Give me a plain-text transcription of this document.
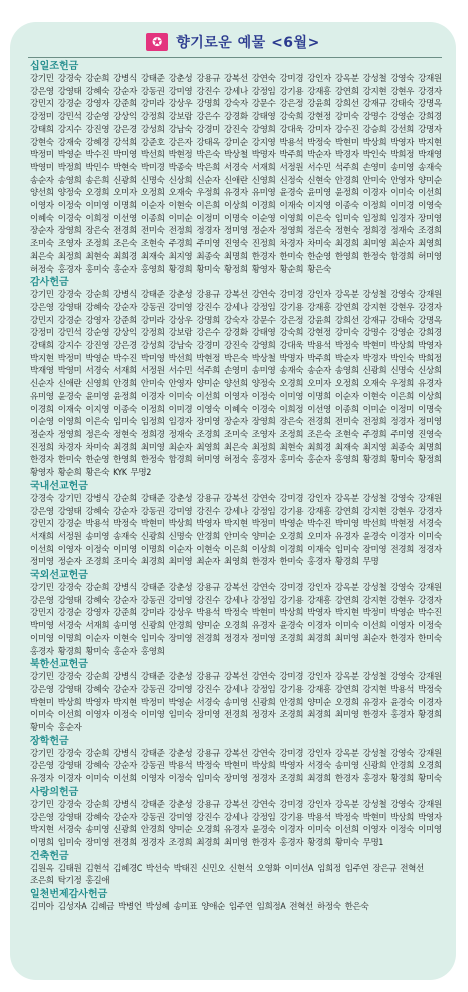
✪ 향기로운 예물 <6월>
십일조헌금
강기민 강경숙 강순희 강병식 강태준 강춘성 강용규 강복선 강연숙 강미경 강인자 강옥분 강성철 강영숙 강재원강은영 강영태 강혜숙 강순자 강동권 강미영 강진수 강세나 강정임 강기용 강재흥 강연희 강지현 강현우 강경자강민지 강경순 강영자 강준희 강미라 강상우 강명희 강숙자 강문수 강은정 강윤희 강희선 강재규 강태숙 강명옥강정미 강민석 강순영 강상익 강정희 강보람 강은수 강경화 강태영 강숙희 강현정 강미숙 강명수 강영순 강희경강태희 강지수 강진영 강은경 강성희 강남숙 강경미 강진숙 강영희 강대욱 강미자 강수진 강승희 강선희 강명자강현숙 강재숙 강혜경 강석희 강준호 강은자 강태옥 강미순 강지영 박용석 박정숙 박현미 박상희 박영자 박지현박정미 박영순 박수진 박미영 박선희 박현정 박은숙 박상철 박명자 박주희 박순자 박경자 박인숙 박희정 박재영박영미 박정희 박민수 박현숙 박미경 박종숙 박은희 서경숙 서재희 서정원 서수민 석주희 손영미 송미영 송재숙송순자 송영희 송은희 신광희 신명숙 신상희 신순자 신애란 신영희 신정숙 신현숙 안경희 안미숙 안영자 양미순양선희 양정숙 오경희 오미자 오정희 오재숙 우정희 유경자 유미영 윤경숙 윤미영 윤정희 이경자 이미숙 이선희이영자 이정숙 이미영 이명희 이순자 이현숙 이은희 이상희 이경희 이재숙 이지영 이종숙 이정희 이미경 이영숙이혜숙 이경숙 이희정 이선영 이종희 이미순 이정미 이명숙 이순영 이영희 이은숙 임미숙 임정희 임경자 장미영장순자 장영희 장은숙 전경희 전미숙 전정희 정경자 정미영 정순자 정영희 정은숙 정현숙 정희경 정재숙 조경희조미숙 조영자 조정희 조은숙 조현숙 주경희 주미영 진영숙 진정희 차경자 차미숙 최경희 최미영 최순자 최영희최은숙 최정희 최현숙 최희경 최재숙 최지영 최종숙 최명희 한경자 한미숙 한순영 한영희 한정숙 함경희 허미영허정숙 홍경자 홍미숙 홍순자 홍영희 황경희 황미숙 황정희 황영자 황순희 황은숙
감사헌금
강기민 강경숙 강순희 강병식 강태준 강춘성 강용규 강복선 강연숙 강미경 강인자 강옥분 강성철 강영숙 강재원강은영 강영태 강혜숙 강순자 강동권 강미영 강진수 강세나 강정임 강기용 강재흥 강연희 강지현 강현우 강경자강민지 강경순 강영자 강준희 강미라 강상우 강명희 강숙자 강문수 강은정 강윤희 강희선 강재규 강태숙 강명옥강정미 강민석 강순영 강상익 강정희 강보람 강은수 강경화 강태영 강숙희 강현정 강미숙 강명수 강영순 강희경강태희 강지수 강진영 강은경 강성희 강남숙 강경미 강진숙 강영희 강대욱 박용석 박정숙 박현미 박상희 박영자박지현 박정미 박영순 박수진 박미영 박선희 박현정 박은숙 박상철 박명자 박주희 박순자 박경자 박인숙 박희정박재영 박영미 서경숙 서재희 서정원 서수민 석주희 손영미 송미영 송재숙 송순자 송영희 신광희 신명숙 신상희신순자 신애란 신영희 안경희 안미숙 안영자 양미순 양선희 양정숙 오경희 오미자 오정희 오재숙 우정희 유경자유미영 윤경숙 윤미영 윤정희 이경자 이미숙 이선희 이영자 이정숙 이미영 이명희 이순자 이현숙 이은희 이상희이경희 이재숙 이지영 이종숙 이정희 이미경 이영숙 이혜숙 이경숙 이희정 이선영 이종희 이미순 이정미 이명숙이순영 이영희 이은숙 임미숙 임정희 임경자 장미영 장순자 장영희 장은숙 전경희 전미숙 전정희 정경자 정미영정순자 정영희 정은숙 정현숙 정희경 정재숙 조경희 조미숙 조영자 조정희 조은숙 조현숙 주경희 주미영 진영숙진정희 차경자 차미숙 최경희 최미영 최순자 최영희 최은숙 최정희 최현숙 최희경 최재숙 최지영 최종숙 최명희한경자 한미숙 한순영 한영희 한정숙 함경희 허미영 허정숙 홍경자 홍미숙 홍순자 홍영희 황경희 황미숙 황정희황영자 황순희 황은숙 KYK 무명2
국내선교헌금
강경숙 강기민 강병식 강순희 강태준 강춘성 강용규 강복선 강연숙 강미경 강인자 강옥분 강성철 강영숙 강재원강은영 강영태 강혜숙 강순자 강동권 강미영 강진수 강세나 강정임 강기용 강재흥 강연희 강지현 강현우 강경자강민지 강경순 박용석 박정숙 박현미 박상희 박영자 박지현 박정미 박영순 박수진 박미영 박선희 박현정 서경숙서재희 서정원 송미영 송재숙 신광희 신명숙 안경희 안미숙 양미순 오경희 오미자 유경자 윤경숙 이경자 이미숙이선희 이영자 이정숙 이미영 이명희 이순자 이현숙 이은희 이상희 이경희 이재숙 임미숙 장미영 전경희 정경자정미영 정순자 조경희 조미숙 최경희 최미영 최순자 최영희 한경자 한미숙 홍경자 황경희 무명
국외선교헌금
강기민 강경숙 강순희 강병식 강태준 강춘성 강용규 강복선 강연숙 강미경 강인자 강옥분 강성철 강영숙 강재원강은영 강영태 강혜숙 강순자 강동권 강미영 강진수 강세나 강정임 강기용 강재흥 강연희 강지현 강현우 강경자강민지 강경순 강영자 강준희 강미라 강상우 박용석 박정숙 박현미 박상희 박영자 박지현 박정미 박영순 박수진박미영 서경숙 서재희 송미영 신광희 안경희 양미순 오경희 유경자 윤경숙 이경자 이미숙 이선희 이영자 이정숙이미영 이명희 이순자 이현숙 임미숙 장미영 전경희 정경자 정미영 조경희 최경희 최미영 최순자 한경자 한미숙홍경자 황경희 황미숙 홍순자 홍영희
북한선교헌금
강기민 강경숙 강순희 강병식 강태준 강춘성 강용규 강복선 강연숙 강미경 강인자 강옥분 강성철 강영숙 강재원강은영 강영태 강혜숙 강순자 강동권 강미영 강진수 강세나 강정임 강기용 강재흥 강연희 강지현 박용석 박정숙박현미 박상희 박영자 박지현 박정미 박영순 서경숙 송미영 신광희 안경희 양미순 오경희 유경자 윤경숙 이경자이미숙 이선희 이영자 이정숙 이미영 임미숙 장미영 전경희 정경자 조경희 최경희 최미영 한경자 홍경자 황경희황미숙 홍순자
장학헌금
강기민 강경숙 강순희 강병식 강태준 강춘성 강용규 강복선 강연숙 강미경 강인자 강옥분 강성철 강영숙 강재원강은영 강영태 강혜숙 강순자 강동권 박용석 박정숙 박현미 박상희 박영자 서경숙 송미영 신광희 안경희 오경희유경자 이경자 이미숙 이선희 이영자 이정숙 임미숙 장미영 정경자 조경희 최경희 한경자 홍경자 황경희 황미숙
사랑의헌금
강기민 강경숙 강순희 강병식 강태준 강춘성 강용규 강복선 강연숙 강미경 강인자 강옥분 강성철 강영숙 강재원강은영 강영태 강혜숙 강순자 강동권 강미영 강진수 강세나 강정임 강기용 박용석 박정숙 박현미 박상희 박영자박지현 서경숙 송미영 신광희 안경희 양미순 오경희 유경자 윤경숙 이경자 이미숙 이선희 이영자 이정숙 이미영이명희 임미숙 장미영 전경희 정경자 조경희 최경희 최미영 한경자 홍경자 황경희 황미숙 무명1
건축헌금
김원옥 김태원 김현석 김혜경C 박선숙 박태진 신민오 신현석 오영화 이미선A 임희정 임주연 장은규 전혁선조은희 탁기정 홍길애
일천번제감사헌금
김미아 김성자A 김혜금 박병언 박성혜 송미표 양애순 임주연 임희정A 전혁선 하정숙 한은숙
